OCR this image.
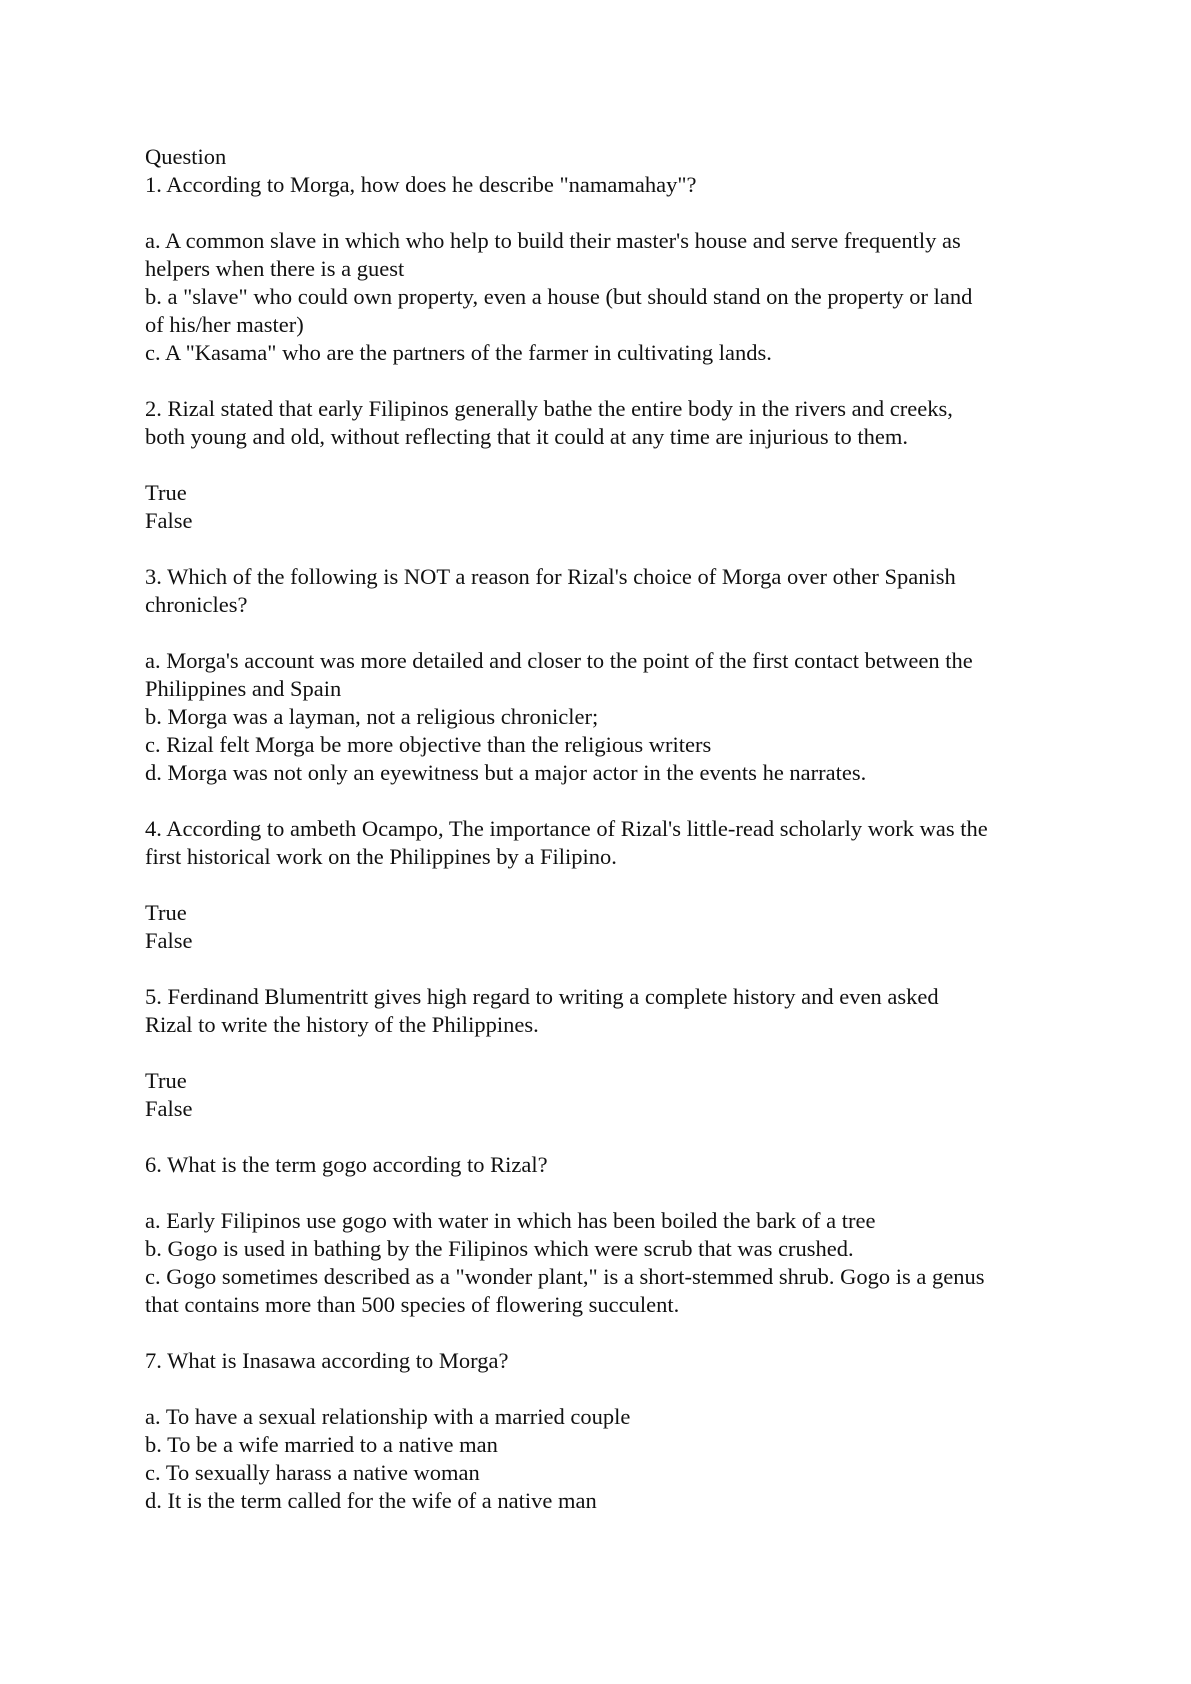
Question
1. According to Morga, how does he describe "namamahay"?
a. A common slave in which who help to build their master's house and serve frequently as
helpers when there is a guest
b. a "slave" who could own property, even a house (but should stand on the property or land
of his/her master)
c. A "Kasama" who are the partners of the farmer in cultivating lands.
2. Rizal stated that early Filipinos generally bathe the entire body in the rivers and creeks,
both young and old, without reflecting that it could at any time are injurious to them.
True
False
3. Which of the following is NOT a reason for Rizal's choice of Morga over other Spanish
chronicles?
a. Morga's account was more detailed and closer to the point of the first contact between the
Philippines and Spain
b. Morga was a layman, not a religious chronicler;
c. Rizal felt Morga be more objective than the religious writers
d. Morga was not only an eyewitness but a major actor in the events he narrates.
4. According to ambeth Ocampo, The importance of Rizal's little-read scholarly work was the
first historical work on the Philippines by a Filipino.
True
False
5. Ferdinand Blumentritt gives high regard to writing a complete history and even asked
Rizal to write the history of the Philippines.
True
False
6. What is the term gogo according to Rizal?
a. Early Filipinos use gogo with water in which has been boiled the bark of a tree
b. Gogo is used in bathing by the Filipinos which were scrub that was crushed.
c. Gogo sometimes described as a "wonder plant," is a short-stemmed shrub. Gogo is a genus
that contains more than 500 species of flowering succulent.
7. What is Inasawa according to Morga?
a. To have a sexual relationship with a married couple
b. To be a wife married to a native man
c. To sexually harass a native woman
d. It is the term called for the wife of a native man
